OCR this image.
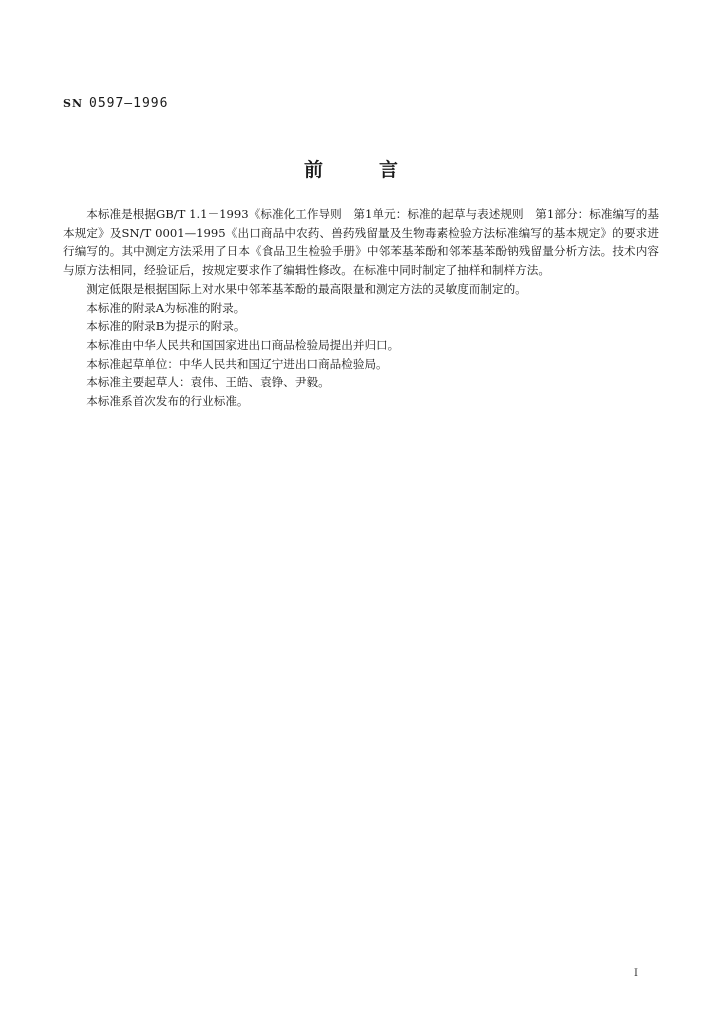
SN 0597—1996
前言

本标准是根据GB/T 1.1－1993《标准化工作导则　第1单元：标准的起草与表述规则　第1部分：标准编写的基本规定》及SN/T 0001—1995《出口商品中农药、兽药残留量及生物毒素检验方法标准编写的基本规定》的要求进行编写的。其中测定方法采用了日本《食品卫生检验手册》中邻苯基苯酚和邻苯基苯酚钠残留量分析方法。技术内容与原方法相同，经验证后，按规定要求作了编辑性修改。在标准中同时制定了抽样和制样方法。

测定低限是根据国际上对水果中邻苯基苯酚的最高限量和测定方法的灵敏度而制定的。

本标准的附录A为标准的附录。

本标准的附录B为提示的附录。

本标准由中华人民共和国国家进出口商品检验局提出并归口。

本标准起草单位：中华人民共和国辽宁进出口商品检验局。

本标准主要起草人：袁伟、王皓、袁铮、尹毅。

本标准系首次发布的行业标准。

I
